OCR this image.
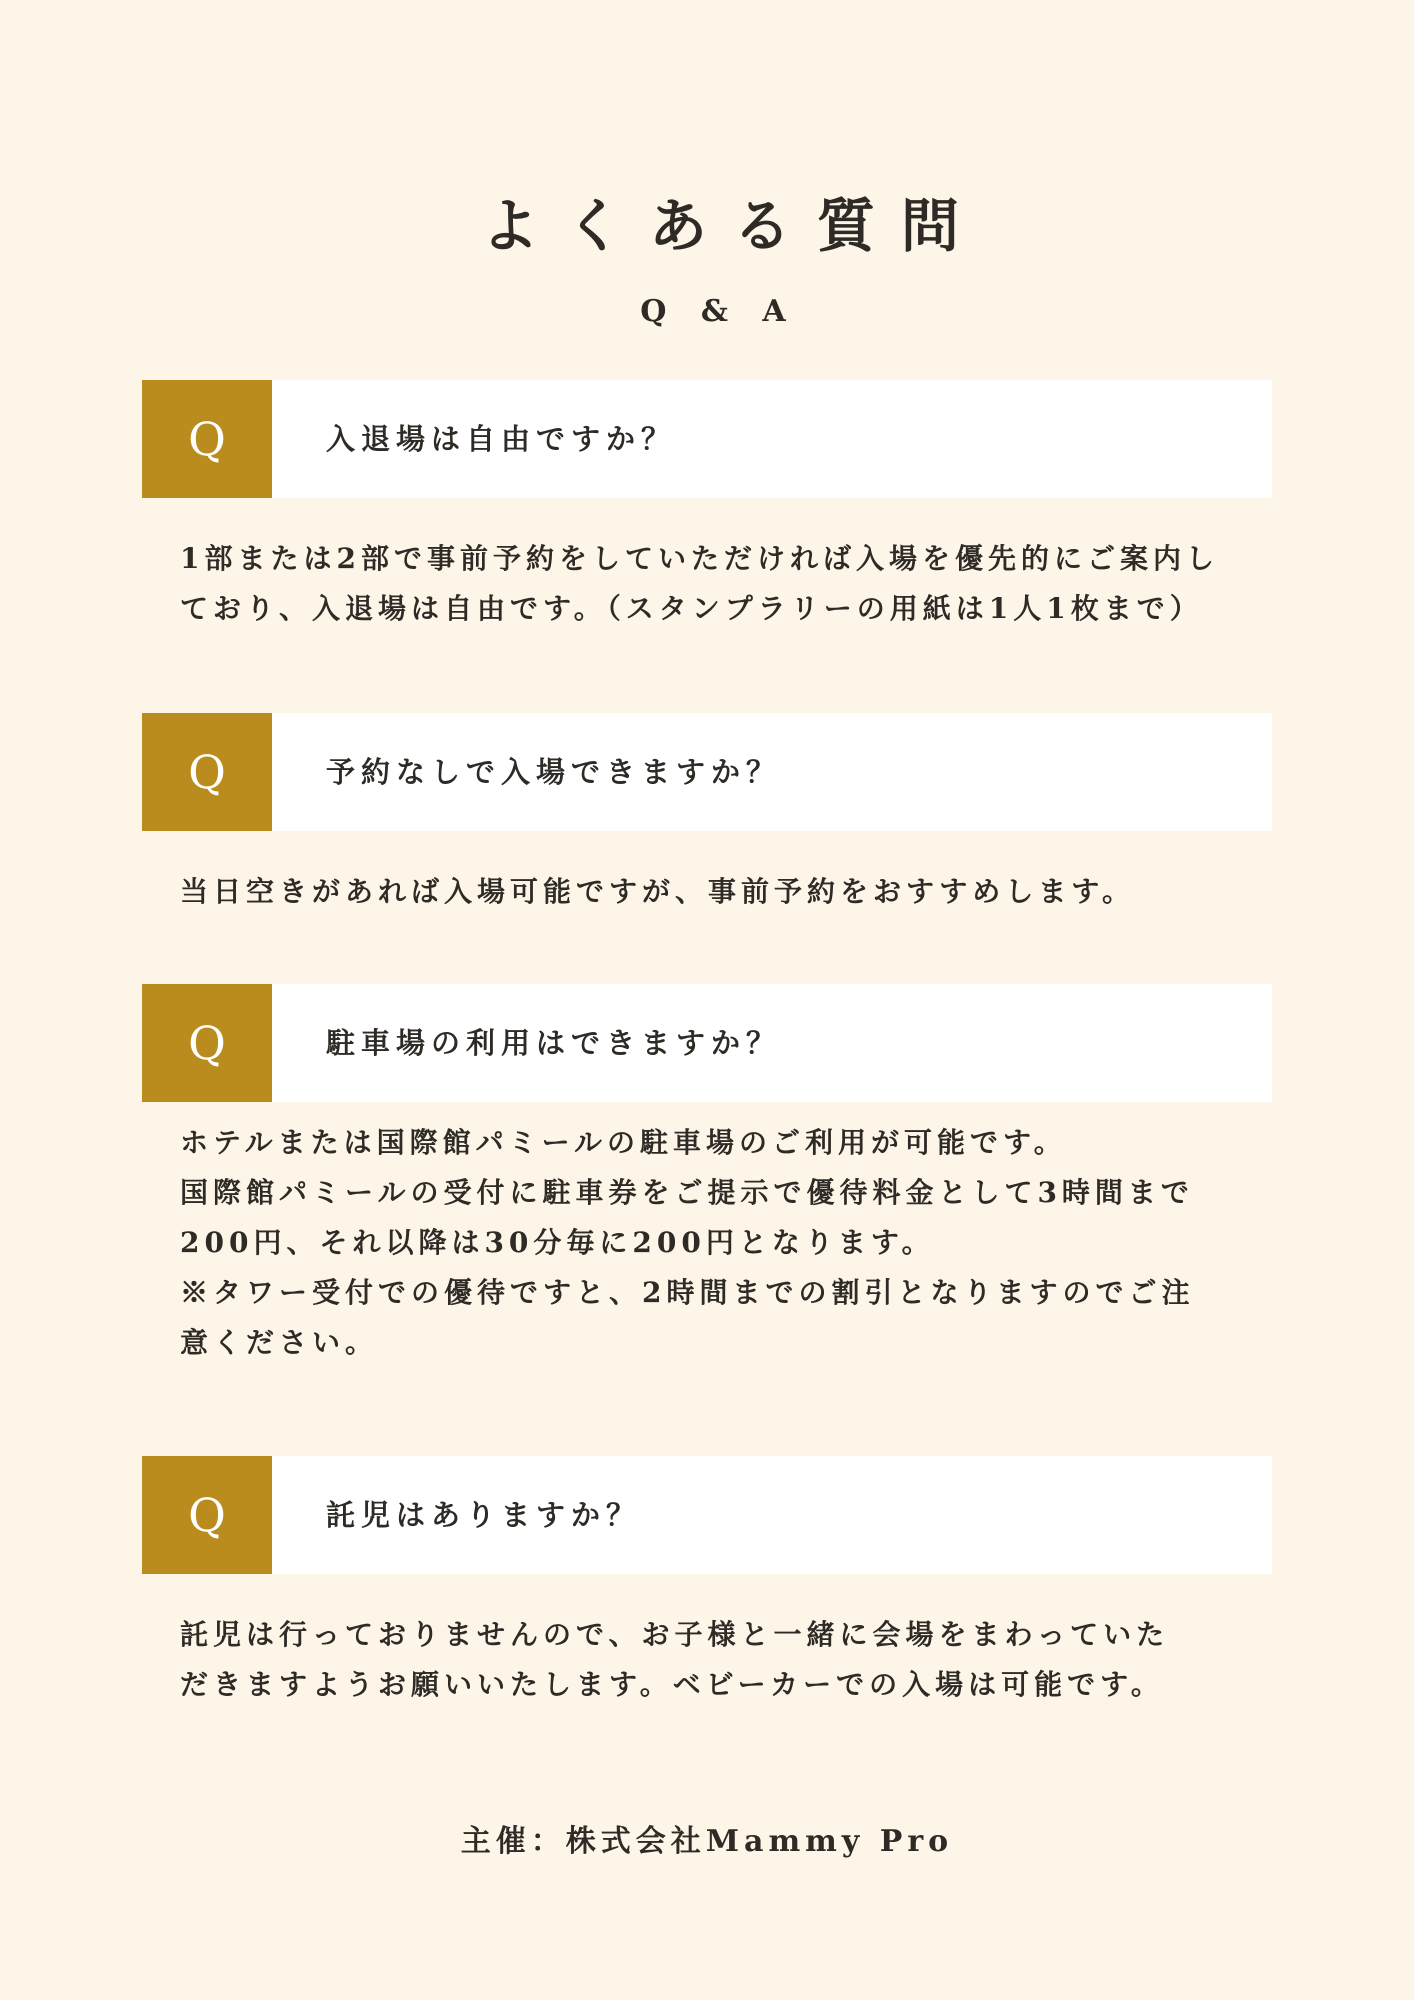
よくある質問
Q & A
Q	入退場は自由ですか？
1部または2部で事前予約をしていただければ入場を優先的にご案内し
ており、入退場は自由です。（スタンプラリーの用紙は1人1枚まで）
Q	予約なしで入場できますか？
当日空きがあれば入場可能ですが、事前予約をおすすめします。
Q	駐車場の利用はできますか？
ホテルまたは国際館パミールの駐車場のご利用が可能です。
国際館パミールの受付に駐車券をご提示で優待料金として3時間まで
200円、それ以降は30分毎に200円となります。
※タワー受付での優待ですと、2時間までの割引となりますのでご注
意ください。
Q	託児はありますか？
託児は行っておりませんので、お子様と一緒に会場をまわっていた
だきますようお願いいたします。ベビーカーでの入場は可能です。
主催：株式会社Mammy Pro
